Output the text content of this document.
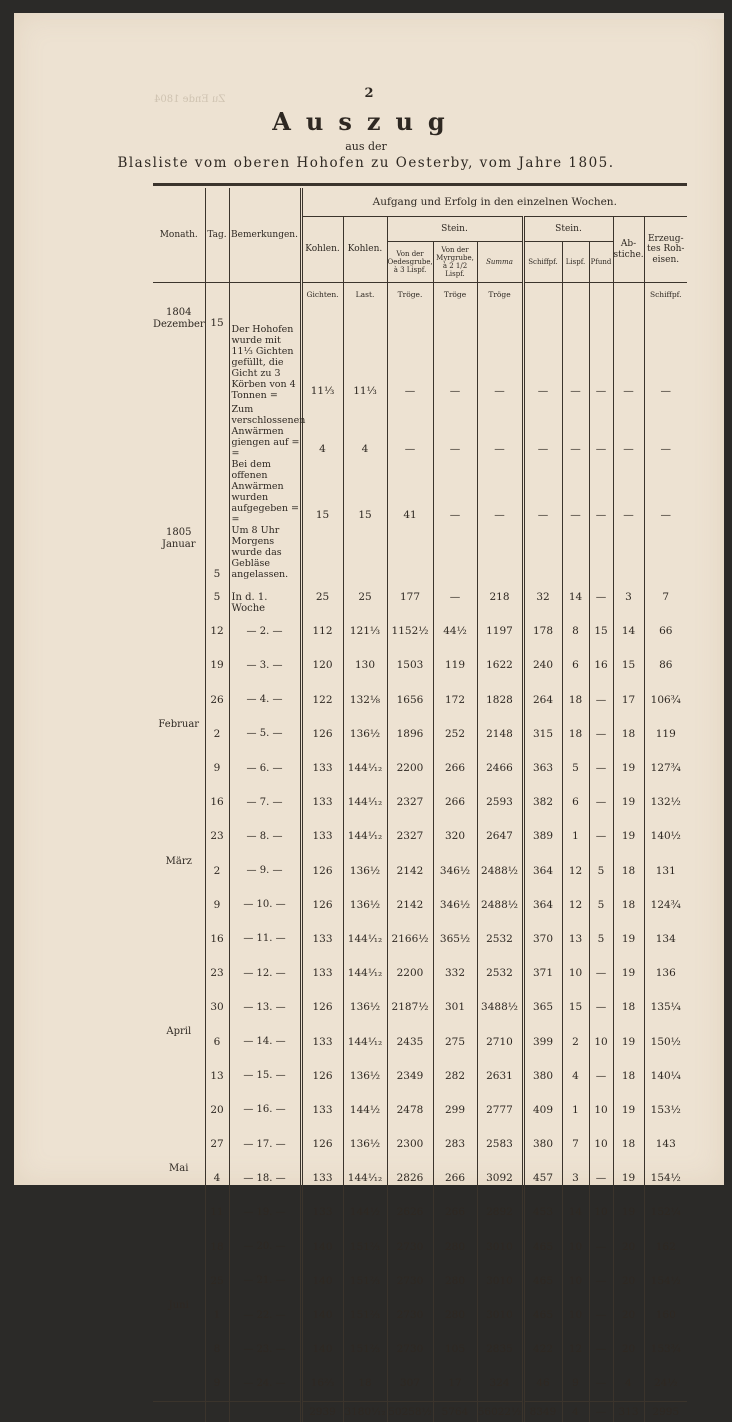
Zu Ende 1804	2
Auszug
aus der
Blasliste vom oberen Hohofen zu Oesterby, vom Jahre 1805.
Monath.	Tag.	Bemerkungen.	Aufgang und Erfolg in den einzelnen Wochen.									
			Kohlen.	Kohlen.	Stein.			Stein.			Ab-stiche.	Erzeug-tes Roh-eisen.
					Von der Oedesgrube, à 3 Lispf.	Von der Myrgrube, à 2 1/2 Lispf.	Summa	Schiffpf.	Lispf.	Pfund		
			Gichten.	Last.	Tröge.	Tröge	Tröge					Schiffpf.
1804 Dezember	15	Der Hohofen wurde mit 11⅓ Gichten gefüllt, die Gicht zu 3 Körben von 4 Tonnen =	11⅓	11⅓	—	—	—	—	—	—	—	—
		Zum verschlossenen Anwärmen giengen auf = =	4	4	—	—	—	—	—	—	—	—
		Bei dem offenen Anwärmen wurden aufgegeben = =	15	15	41	—	—	—	—	—	—	—
1805 Januar	5	Um 8 Uhr Morgens wurde das Gebläse angelassen.										
	5	In d. 1. Woche	25	25	177	—	218	32	14	—	3	7
	12	— 2. —	112	121⅓	1152½	44½	1197	178	8	15	14	66
	19	— 3. —	120	130	1503	119	1622	240	6	16	15	86
	26	— 4. —	122	132⅛	1656	172	1828	264	18	—	17	106¾
Februar	2	— 5. —	126	136½	1896	252	2148	315	18	—	18	119
	9	— 6. —	133	144¹⁄₁₂	2200	266	2466	363	5	—	19	127¾
	16	— 7. —	133	144¹⁄₁₂	2327	266	2593	382	6	—	19	132½
	23	— 8. —	133	144¹⁄₁₂	2327	320	2647	389	1	—	19	140½
März	2	— 9. —	126	136½	2142	346½	2488½	364	12	5	18	131
	9	— 10. —	126	136½	2142	346½	2488½	364	12	5	18	124¾
	16	— 11. —	133	144¹⁄₁₂	2166½	365½	2532	370	13	5	19	134
	23	— 12. —	133	144¹⁄₁₂	2200	332	2532	371	10	—	19	136
	30	— 13. —	126	136½	2187½	301	3488½	365	15	—	18	135¼
April	6	— 14. —	133	144¹⁄₁₂	2435	275	2710	399	2	10	19	150½
	13	— 15. —	126	136½	2349	282	2631	380	4	—	18	140¼
	20	— 16. —	133	144½	2478	299	2777	409	1	10	19	153½
	27	— 17. —	126	136½	2300	283	2583	380	7	10	18	143
Mai	4	— 18. —	133	144¹⁄₁₂	2826	266	3092	457	3	—	19	154½
	11	— 19. —	133	144½	2626	266	2892	453	14	10	19	152¼
	18	— 20. —	140	151⅔	2730	280	3010	465	10	—	20	162
	25	— 21. —	140	151⅔	2730	280	3010	465	10	—	20	154½
Juni	1	— 22. —	140	151⅔	2730	280	3010	465	10	—	20	160
	8	— 23. —	140	151⅔	2730	105	2835	422	12	—	20	153¾
	9	— 24. —	16⅔	18	307	17	324	46	9	—	4	24½
			2939	3180¹⁄₁₂	50258½	5764	56022½	8349	4	—	313	2995
